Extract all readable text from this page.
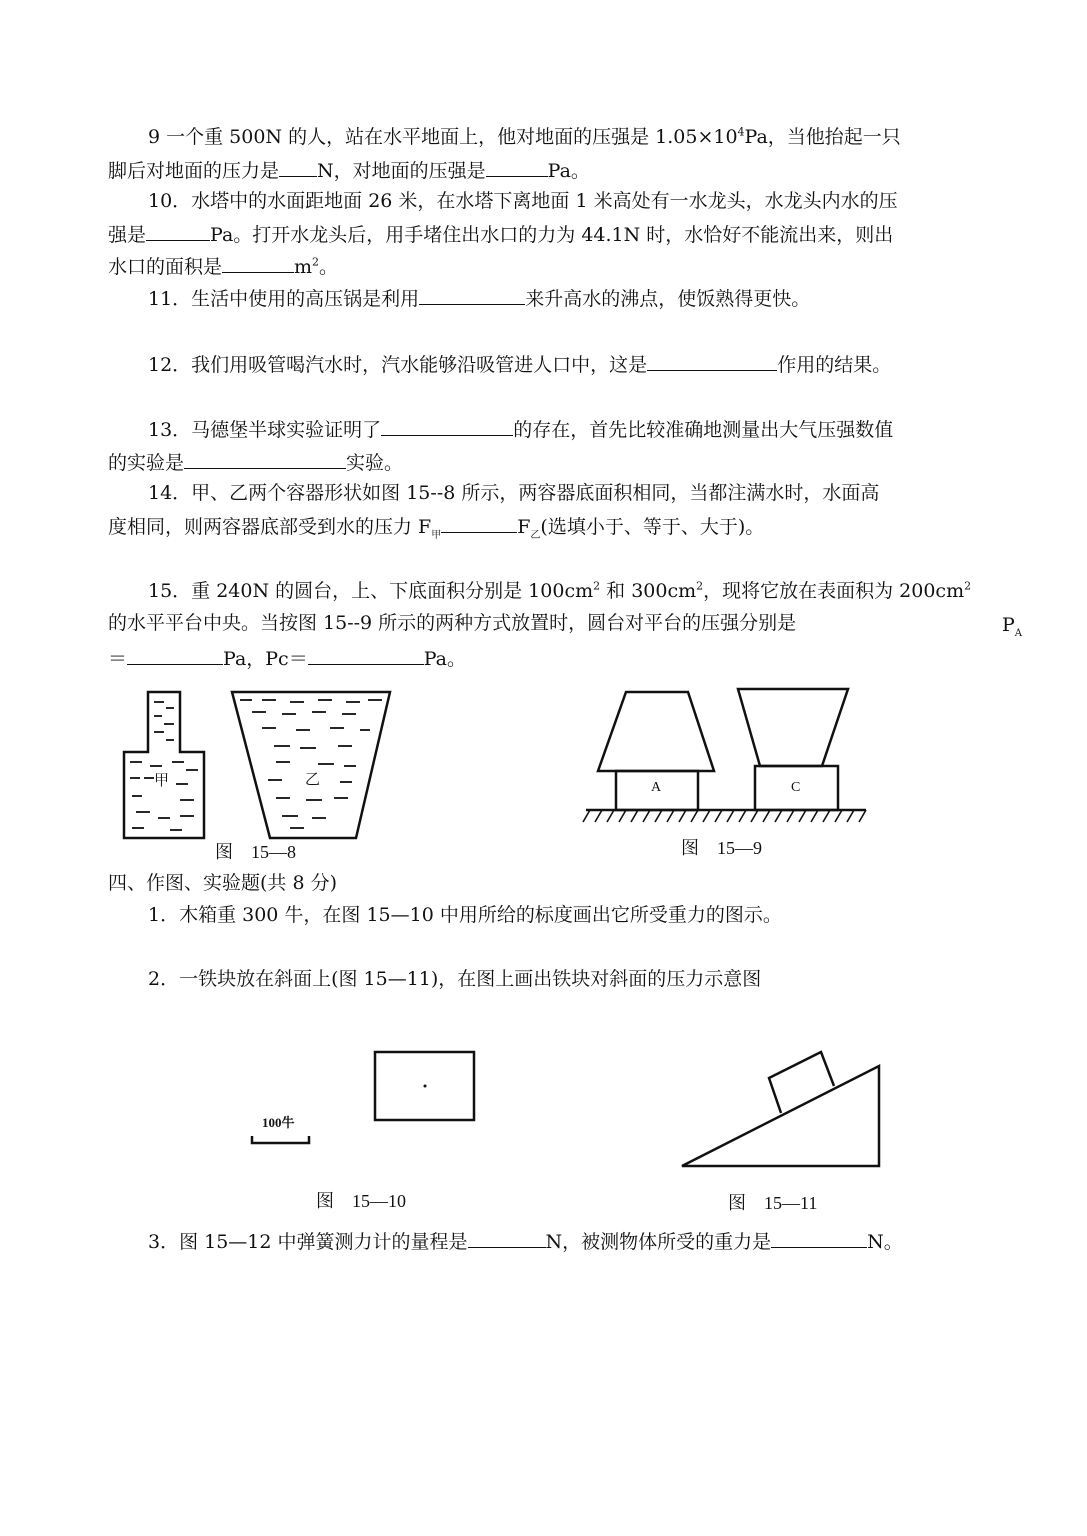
9 一个重 500N 的人，站在水平地面上，他对地面的压强是 $1.05\times 10^4Pa$，当他抬起一只
脚后对地面的压力是 N，对地面的压强是	Pa。
10．水塔中的水面距地面 26 米，在水塔下离地面 1 米高处有一水龙头，水龙头内水的压
强是	Pa。打开水龙头后，用手堵住出水口的力为 44.1N 时，水恰好不能流出来，则出
水口的面积是	$m^2$。
11．生活中使用的高压锅是利用	来升高水的沸点，使饭熟得更快。
12．我们用吸管喝汽水时，汽水能够沿吸管进人口中，这是	作用的结果。
13．马德堡半球实验证明了	的存在，首先比较准确地测量出大气压强数值
的实验是	实验。
14．甲、乙两个容器形状如图 15--8 所示，两容器底面积相同，当都注满水时，水面高
度相同，则两容器底部受到水的压力 $F_甲$	$F_乙$(选填小于、等于、大于)。
15．重 240N 的圆台，上、下底面积分别是 $100cm^2$ 和 $300cm^2$，现将它放在表面积为 $200cm^2$
的水平平台中央。当按图 15--9 所示的两种方式放置时，圆台对平台的压强分别是	$P_A$
＝	Pa，Pc＝	Pa。
甲	乙
图　15—8
A	C
图　15—9
四、作图、实验题(共 8 分)
1．木箱重 300 牛，在图 15—10 中用所给的标度画出它所受重力的图示。
2．一铁块放在斜面上(图 15—11)，在图上画出铁块对斜面的压力示意图
100牛
图　15—10	图　15—11
3．图 15—12 中弹簧测力计的量程是	N，被测物体所受的重力是	N。
